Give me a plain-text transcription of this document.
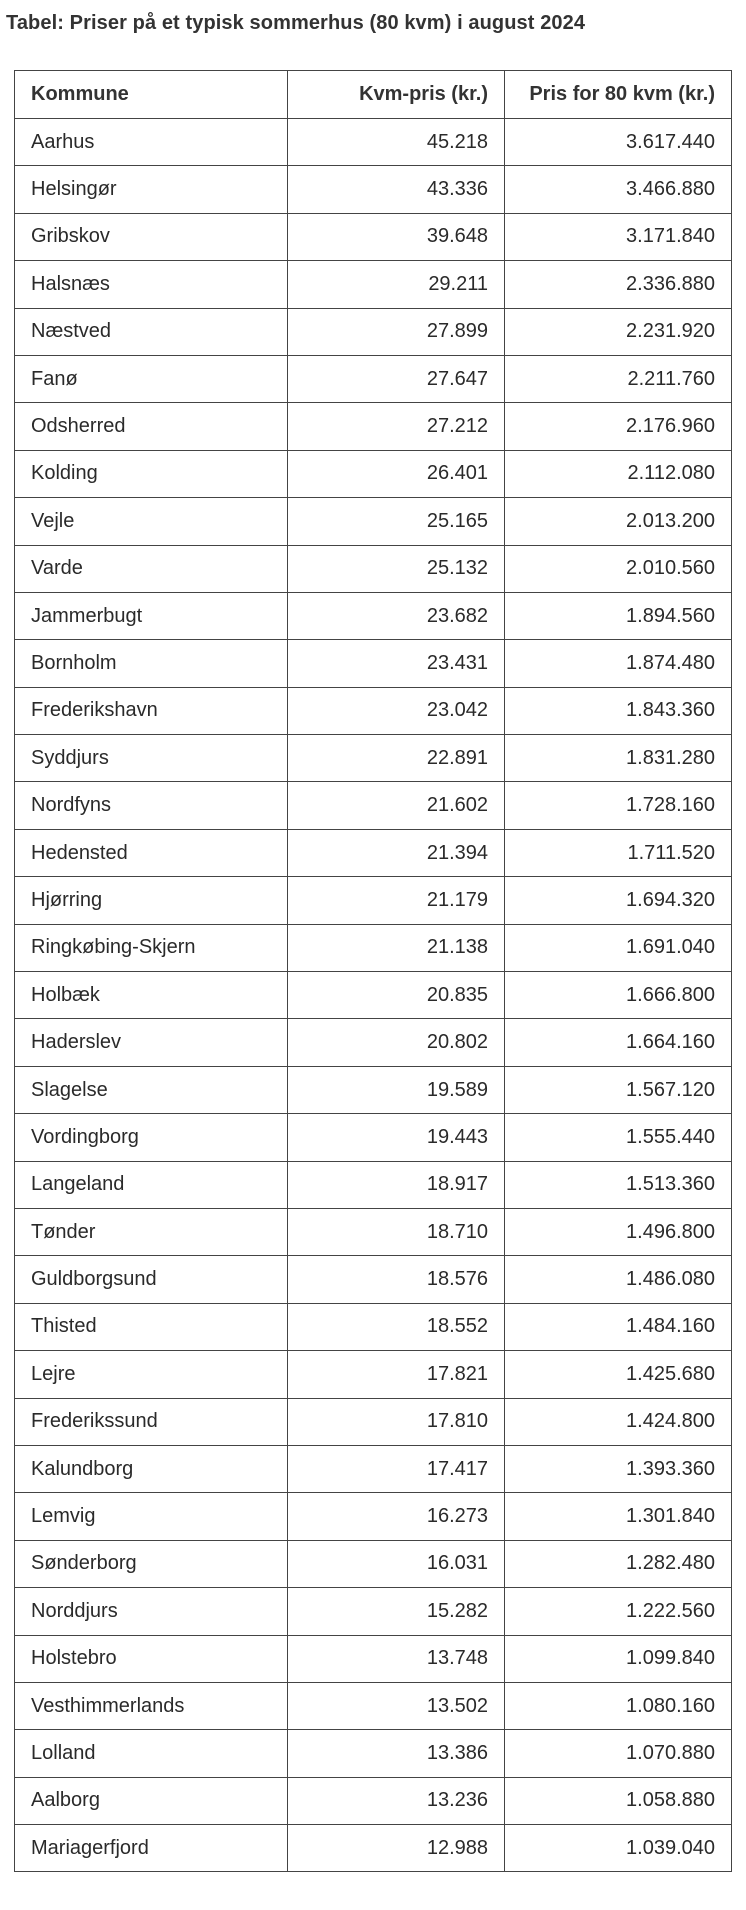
Tabel: Priser på et typisk sommerhus (80 kvm) i august 2024
Kommune	Kvm-pris (kr.)	Pris for 80 kvm (kr.)
Aarhus	45.218	3.617.440
Helsingør	43.336	3.466.880
Gribskov	39.648	3.171.840
Halsnæs	29.211	2.336.880
Næstved	27.899	2.231.920
Fanø	27.647	2.211.760
Odsherred	27.212	2.176.960
Kolding	26.401	2.112.080
Vejle	25.165	2.013.200
Varde	25.132	2.010.560
Jammerbugt	23.682	1.894.560
Bornholm	23.431	1.874.480
Frederikshavn	23.042	1.843.360
Syddjurs	22.891	1.831.280
Nordfyns	21.602	1.728.160
Hedensted	21.394	1.711.520
Hjørring	21.179	1.694.320
Ringkøbing-Skjern	21.138	1.691.040
Holbæk	20.835	1.666.800
Haderslev	20.802	1.664.160
Slagelse	19.589	1.567.120
Vordingborg	19.443	1.555.440
Langeland	18.917	1.513.360
Tønder	18.710	1.496.800
Guldborgsund	18.576	1.486.080
Thisted	18.552	1.484.160
Lejre	17.821	1.425.680
Frederikssund	17.810	1.424.800
Kalundborg	17.417	1.393.360
Lemvig	16.273	1.301.840
Sønderborg	16.031	1.282.480
Norddjurs	15.282	1.222.560
Holstebro	13.748	1.099.840
Vesthimmerlands	13.502	1.080.160
Lolland	13.386	1.070.880
Aalborg	13.236	1.058.880
Mariagerfjord	12.988	1.039.040
